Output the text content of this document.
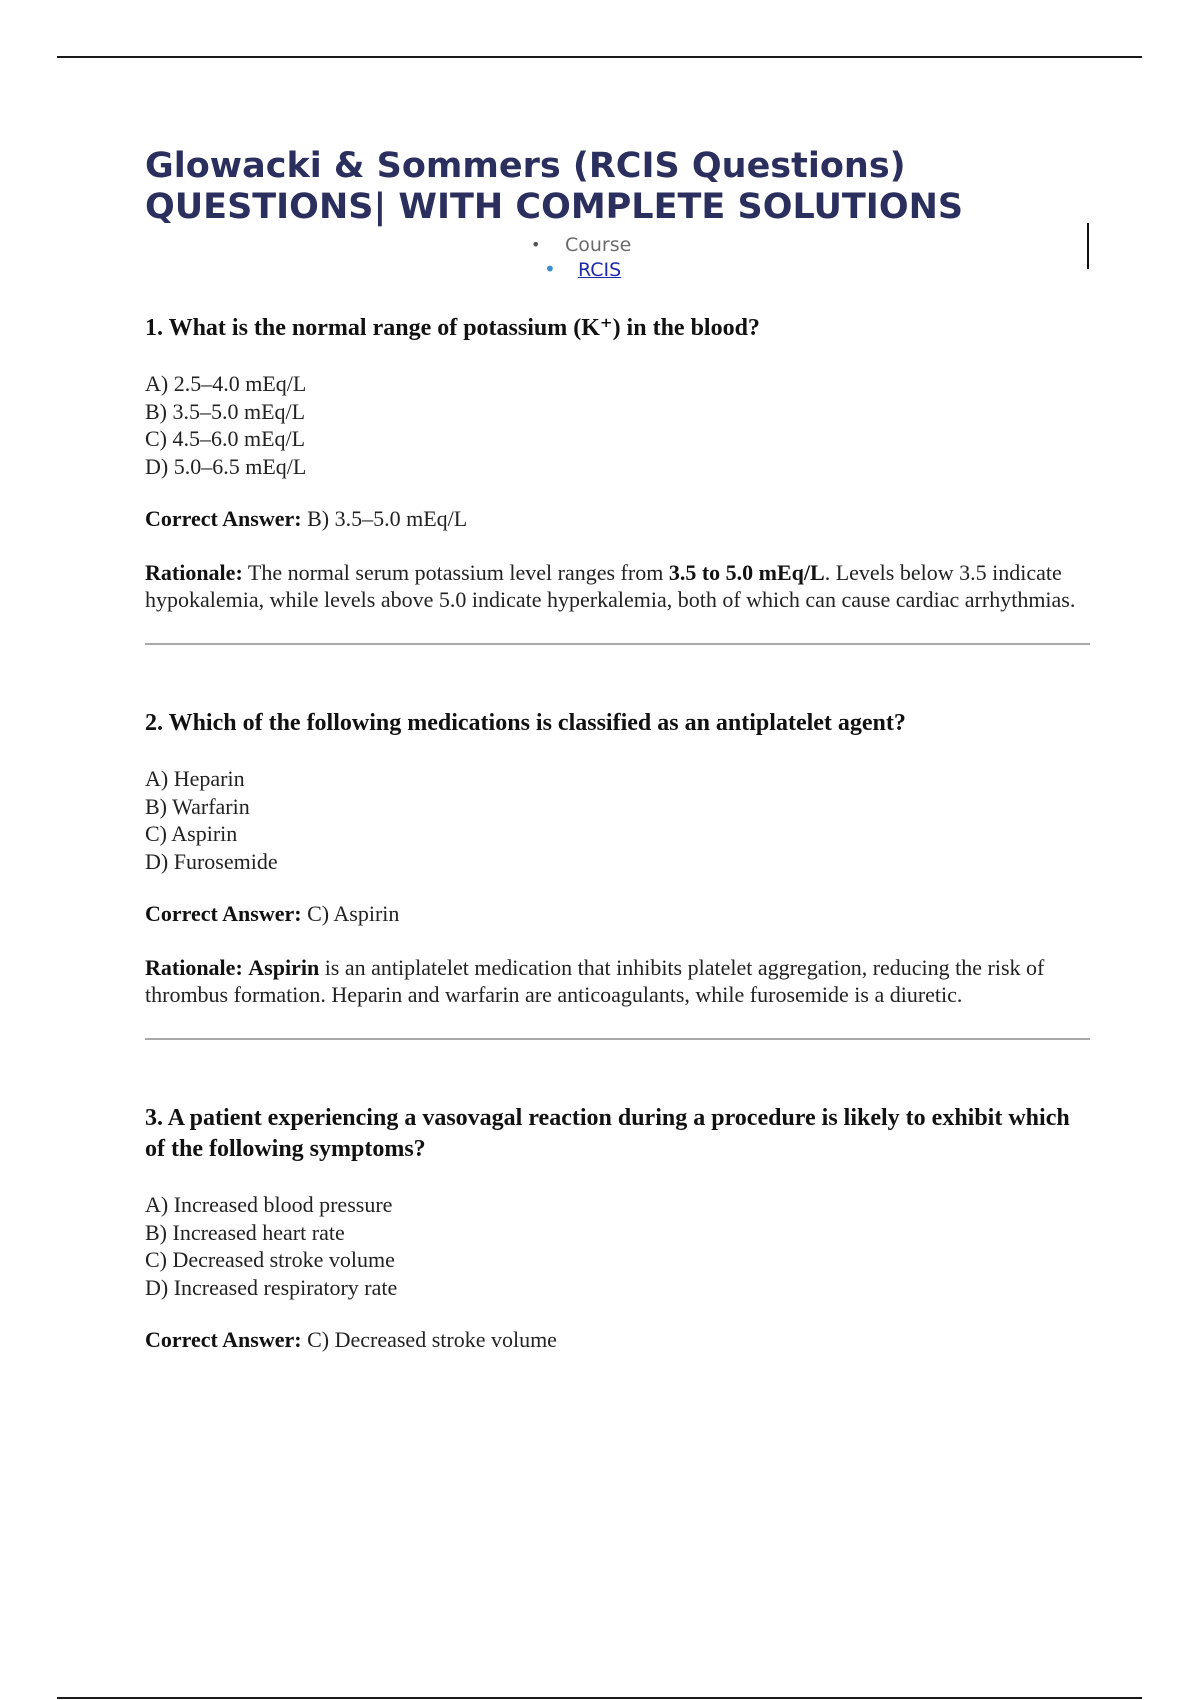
Glowacki & Sommers (RCIS Questions)
QUESTIONS| WITH COMPLETE SOLUTIONS
• Course
• RCIS

1. What is the normal range of potassium (K⁺) in the blood?

A) 2.5–4.0 mEq/L
B) 3.5–5.0 mEq/L
C) 4.5–6.0 mEq/L
D) 5.0–6.5 mEq/L

Correct Answer: B) 3.5–5.0 mEq/L

Rationale: The normal serum potassium level ranges from 3.5 to 5.0 mEq/L. Levels below 3.5 indicate hypokalemia, while levels above 5.0 indicate hyperkalemia, both of which can cause cardiac arrhythmias.

2. Which of the following medications is classified as an antiplatelet agent?

A) Heparin
B) Warfarin
C) Aspirin
D) Furosemide

Correct Answer: C) Aspirin

Rationale: Aspirin is an antiplatelet medication that inhibits platelet aggregation, reducing the risk of thrombus formation. Heparin and warfarin are anticoagulants, while furosemide is a diuretic.

3. A patient experiencing a vasovagal reaction during a procedure is likely to exhibit which of the following symptoms?

A) Increased blood pressure
B) Increased heart rate
C) Decreased stroke volume
D) Increased respiratory rate

Correct Answer: C) Decreased stroke volume
